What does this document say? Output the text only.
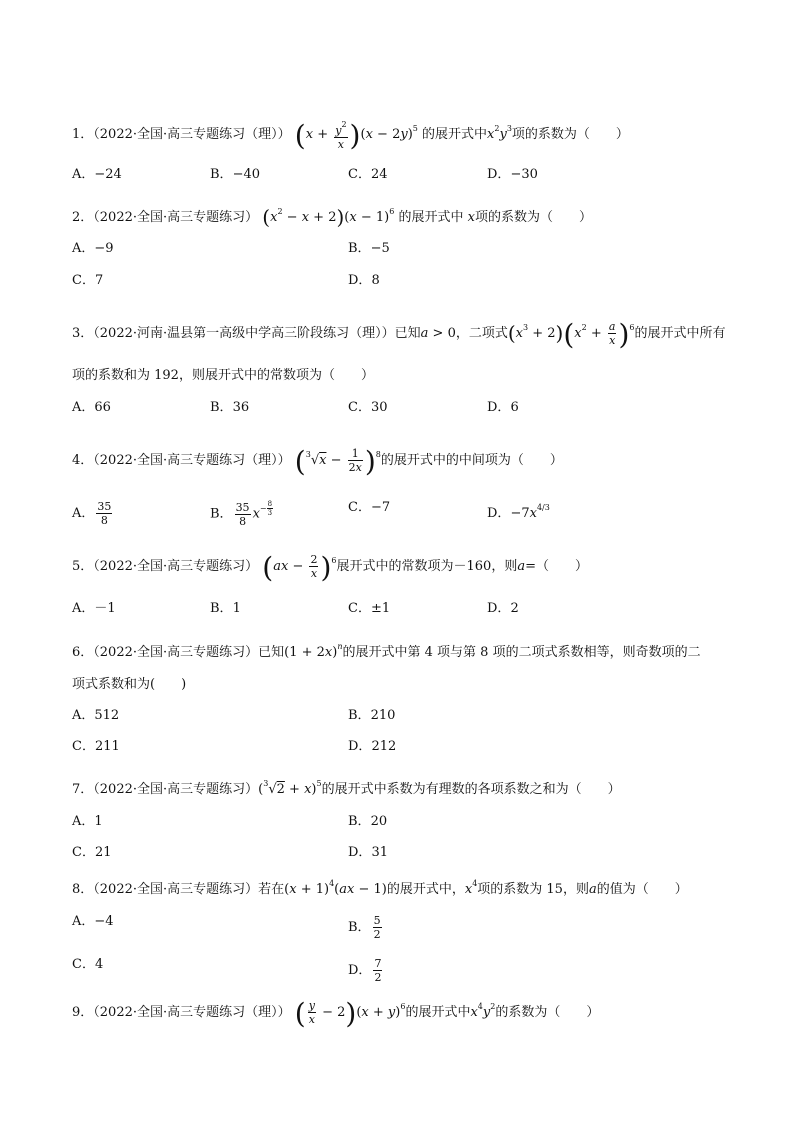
1．（2022·全国·高三专题练习（理）） $(x + \frac{y^2}{x} )(x - 2y)^5$ 的展开式中$x^2y^3$项的系数为（　　）
A．−24	B．−40	C．24	D．−30
2．（2022·全国·高三专题练习） $(x^2 - x + 2)(x - 1)^6$ 的展开式中 x项的系数为（　　）
A．−9	B．−5
C．7	D．8
3．（2022·河南·温县第一高级中学高三阶段练习（理））已知a > 0，二项式$(x^3 + 2)(x^2 + \frac{a}{x} )^6$的展开式中所有
项的系数和为 192，则展开式中的常数项为（　　）
A．66	B．36	C．30	D．6
4．（2022·全国·高三专题练习（理）） $(^3√x - \frac{1}{2x} )^8$的展开式中的中间项为（　　）
A． $\frac{35}{8}$	B． $\frac{35}{8} x^{- \frac{8}{3}}$	C．−7	D．$-7x^{4/3}$
5．（2022·全国·高三专题练习） $(ax - \frac{2}{x} )^6$展开式中的常数项为－160，则a=（　　）
A．－1	B．1	C．±1	D．2
6．（2022·全国·高三专题练习）已知$(1 + 2x)^n$的展开式中第 4 项与第 8 项的二项式系数相等，则奇数项的二
项式系数和为(　　)
A．512	B．210
C．211	D．212
7．（2022·全国·高三专题练习）$(^3√2 + x)^5$的展开式中系数为有理数的各项系数之和为（　　）
A．1	B．20
C．21	D．31
8．（2022·全国·高三专题练习）若在$(x + 1)^4(ax - 1)$的展开式中，$x^4$项的系数为 15，则a的值为（　　）
A．−4	B． $\frac{5}{2}$
C．4	D． $\frac{7}{2}$
9．（2022·全国·高三专题练习（理）） ( $\frac{y}{x} - 2)(x + y)^6$的展开式中$x^4y^2$的系数为（　　）
